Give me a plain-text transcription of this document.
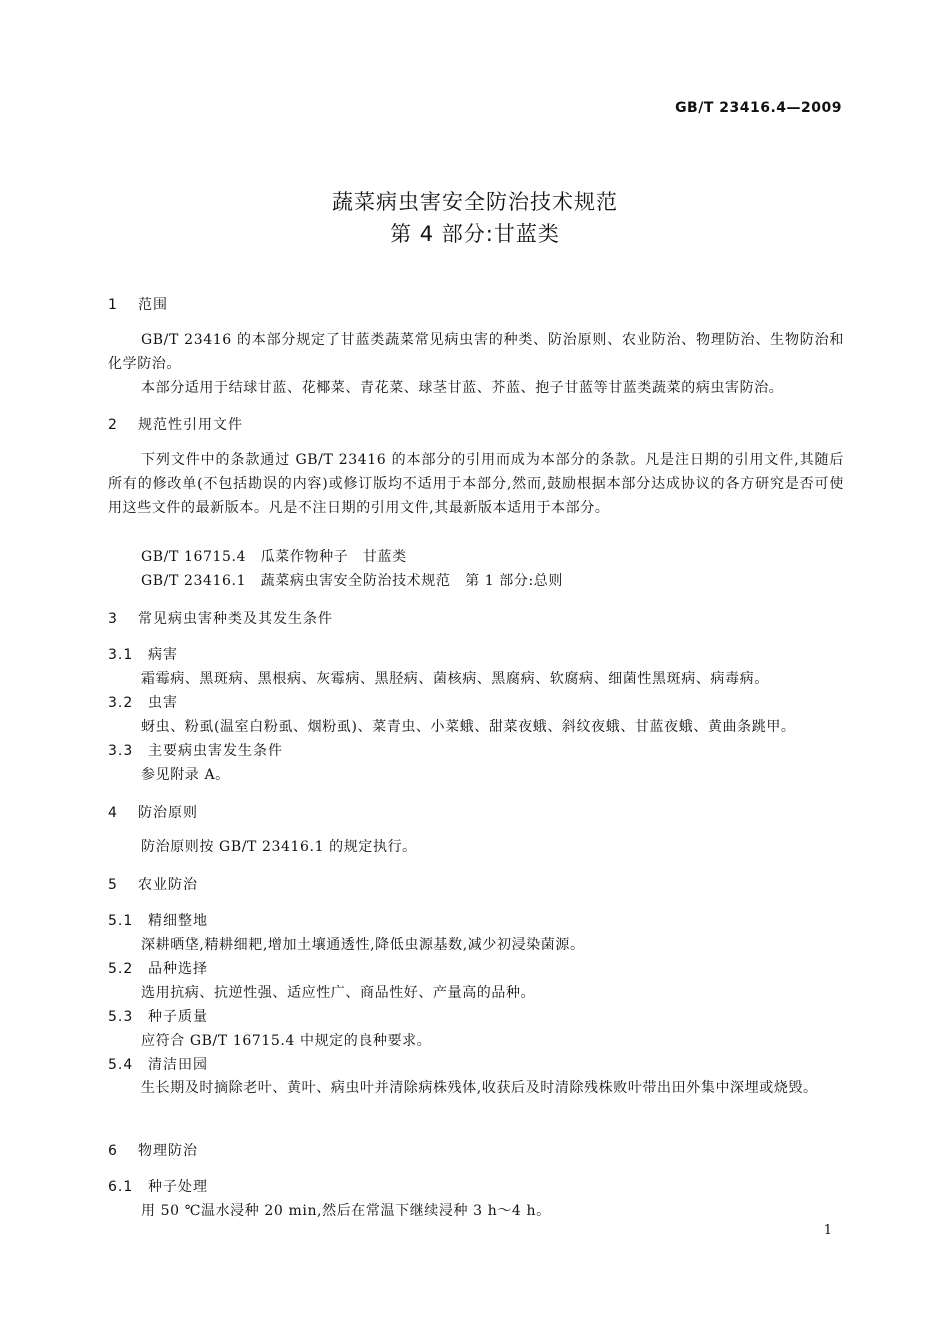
GB/T 23416.4—2009
蔬菜病虫害安全防治技术规范
第 4 部分:甘蓝类
1 范围
GB/T 23416 的本部分规定了甘蓝类蔬菜常见病虫害的种类、防治原则、农业防治、物理防治、生物防治和化学防治。
本部分适用于结球甘蓝、花椰菜、青花菜、球茎甘蓝、芥蓝、抱子甘蓝等甘蓝类蔬菜的病虫害防治。
2 规范性引用文件
下列文件中的条款通过 GB/T 23416 的本部分的引用而成为本部分的条款。凡是注日期的引用文件,其随后所有的修改单(不包括勘误的内容)或修订版均不适用于本部分,然而,鼓励根据本部分达成协议的各方研究是否可使用这些文件的最新版本。凡是不注日期的引用文件,其最新版本适用于本部分。
GB/T 16715.4　瓜菜作物种子　甘蓝类
GB/T 23416.1　蔬菜病虫害安全防治技术规范　第 1 部分:总则
3 常见病虫害种类及其发生条件
3.1 病害
霜霉病、黑斑病、黑根病、灰霉病、黑胫病、菌核病、黑腐病、软腐病、细菌性黑斑病、病毒病。
3.2 虫害
蚜虫、粉虱(温室白粉虱、烟粉虱)、菜青虫、小菜蛾、甜菜夜蛾、斜纹夜蛾、甘蓝夜蛾、黄曲条跳甲。
3.3 主要病虫害发生条件
参见附录 A。
4 防治原则
防治原则按 GB/T 23416.1 的规定执行。
5 农业防治
5.1 精细整地
深耕晒垡,精耕细耙,增加土壤通透性,降低虫源基数,减少初浸染菌源。
5.2 品种选择
选用抗病、抗逆性强、适应性广、商品性好、产量高的品种。
5.3 种子质量
应符合 GB/T 16715.4 中规定的良种要求。
5.4 清洁田园
生长期及时摘除老叶、黄叶、病虫叶并清除病株残体,收获后及时清除残株败叶带出田外集中深埋或烧毁。
6 物理防治
6.1 种子处理
用 50 ℃温水浸种 20 min,然后在常温下继续浸种 3 h～4 h。
1
